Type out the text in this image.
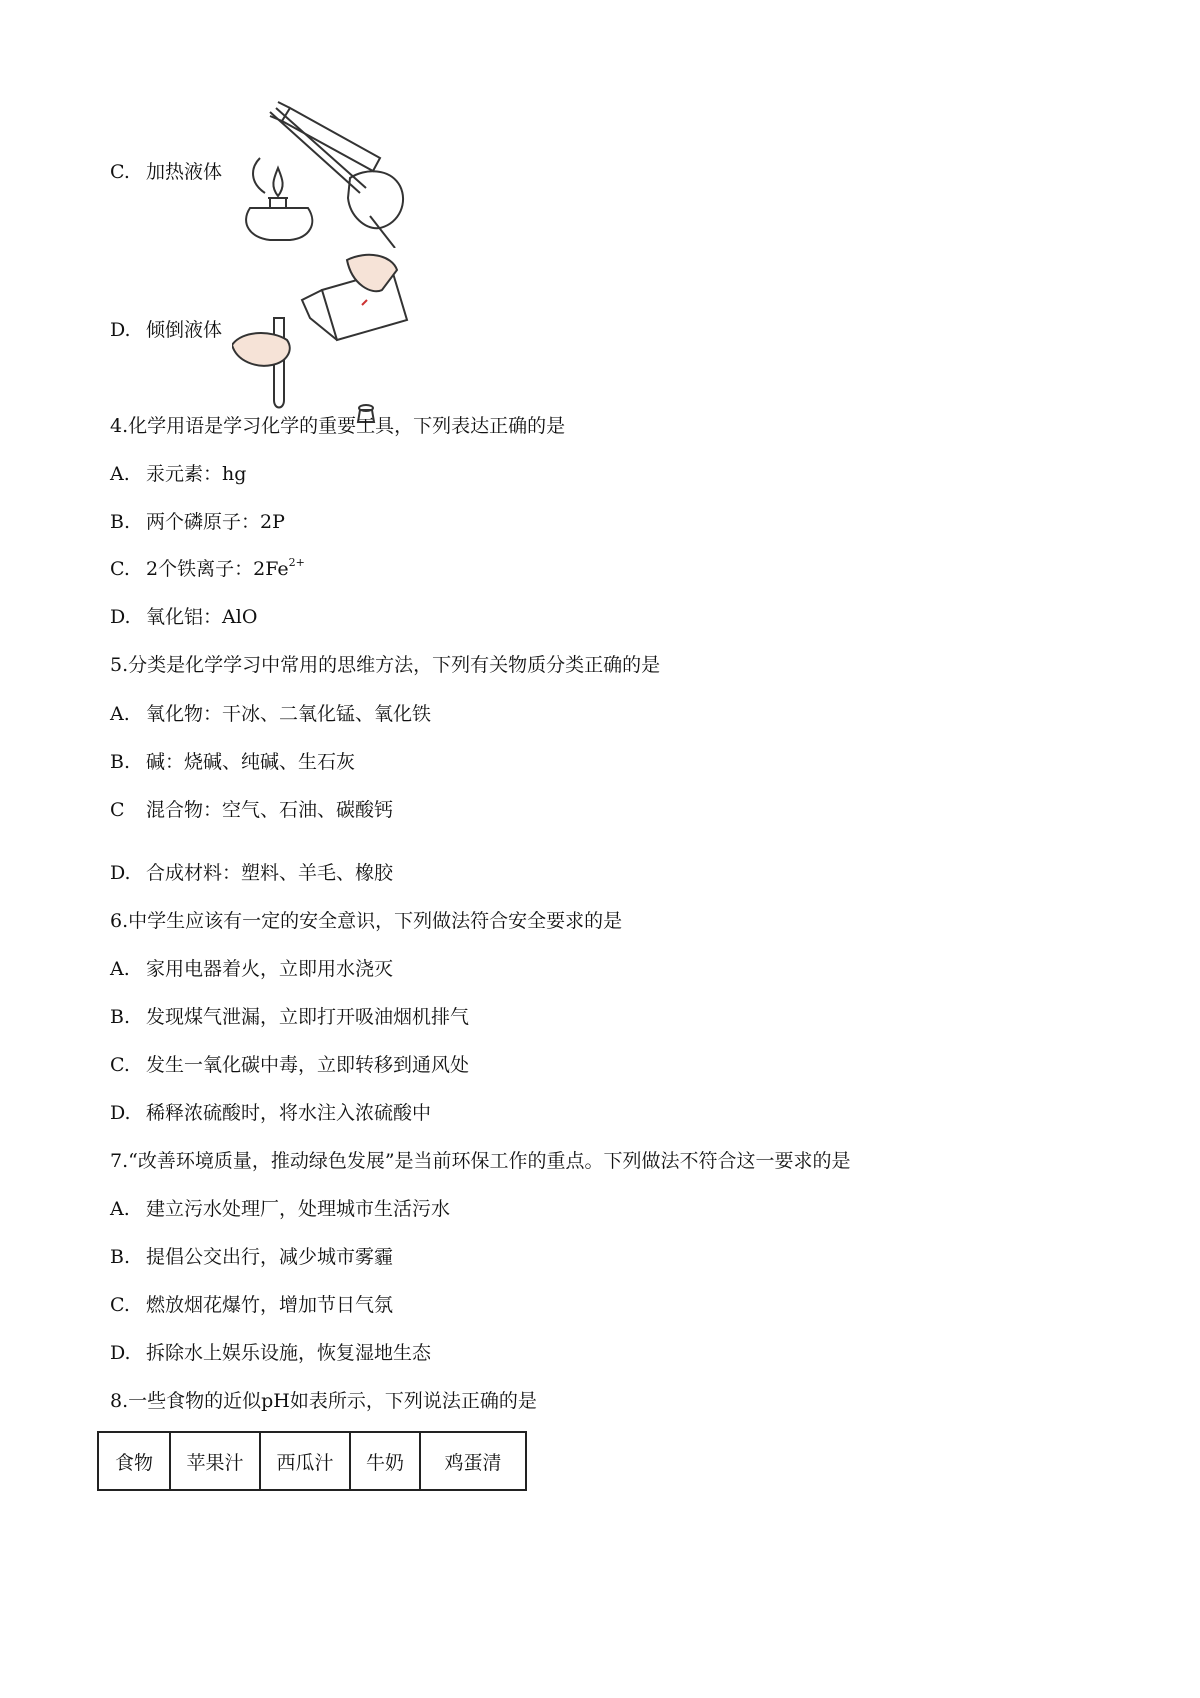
C. 加热液体
D. 倾倒液体
4.化学用语是学习化学的重要工具，下列表达正确的是
A. 汞元素：hg
B. 两个磷原子：2P
C. 2个铁离子：$2Fe^{2+}$
D. 氧化铝：AlO
5.分类是化学学习中常用的思维方法，下列有关物质分类正确的是
A. 氧化物：干冰、二氧化锰、氧化铁
B. 碱：烧碱、纯碱、生石灰
C 混合物：空气、石油、碳酸钙
D. 合成材料：塑料、羊毛、橡胶
6.中学生应该有一定的安全意识，下列做法符合安全要求的是
A. 家用电器着火，立即用水浇灭
B. 发现煤气泄漏，立即打开吸油烟机排气
C. 发生一氧化碳中毒，立即转移到通风处
D. 稀释浓硫酸时，将水注入浓硫酸中
7.“改善环境质量，推动绿色发展”是当前环保工作的重点。下列做法不符合这一要求的是
A. 建立污水处理厂，处理城市生活污水
B. 提倡公交出行，减少城市雾霾
C. 燃放烟花爆竹，增加节日气氛
D. 拆除水上娱乐设施，恢复湿地生态
8.一些食物的近似pH如表所示，下列说法正确的是
食物	苹果汁	西瓜汁	牛奶	鸡蛋清
